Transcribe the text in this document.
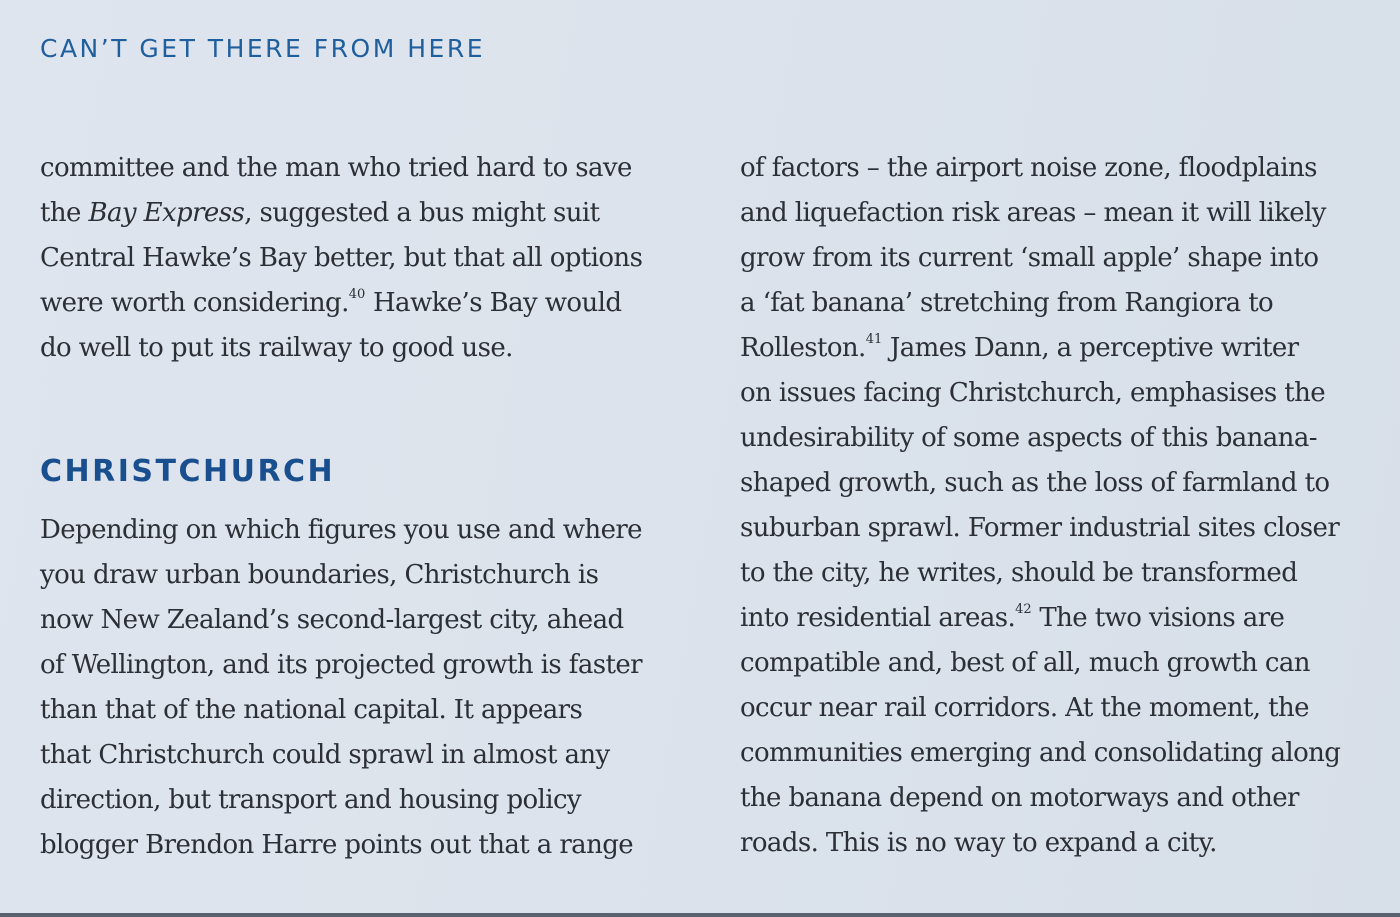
CAN’T GET THERE FROM HERE
committee and the man who tried hard to save
the Bay Express, suggested a bus might suit
Central Hawke’s Bay better, but that all options
were worth considering.$^{40}$ Hawke’s Bay would
do well to put its railway to good use.
CHRISTCHURCH
Depending on which figures you use and where
you draw urban boundaries, Christchurch is
now New Zealand’s second-largest city, ahead
of Wellington, and its projected growth is faster
than that of the national capital. It appears
that Christchurch could sprawl in almost any
direction, but transport and housing policy
blogger Brendon Harre points out that a range
of factors – the airport noise zone, floodplains
and liquefaction risk areas – mean it will likely
grow from its current ‘small apple’ shape into
a ‘fat banana’ stretching from Rangiora to
Rolleston.$^{41}$ James Dann, a perceptive writer
on issues facing Christchurch, emphasises the
undesirability of some aspects of this banana-
shaped growth, such as the loss of farmland to
suburban sprawl. Former industrial sites closer
to the city, he writes, should be transformed
into residential areas.$^{42}$ The two visions are
compatible and, best of all, much growth can
occur near rail corridors. At the moment, the
communities emerging and consolidating along
the banana depend on motorways and other
roads. This is no way to expand a city.
